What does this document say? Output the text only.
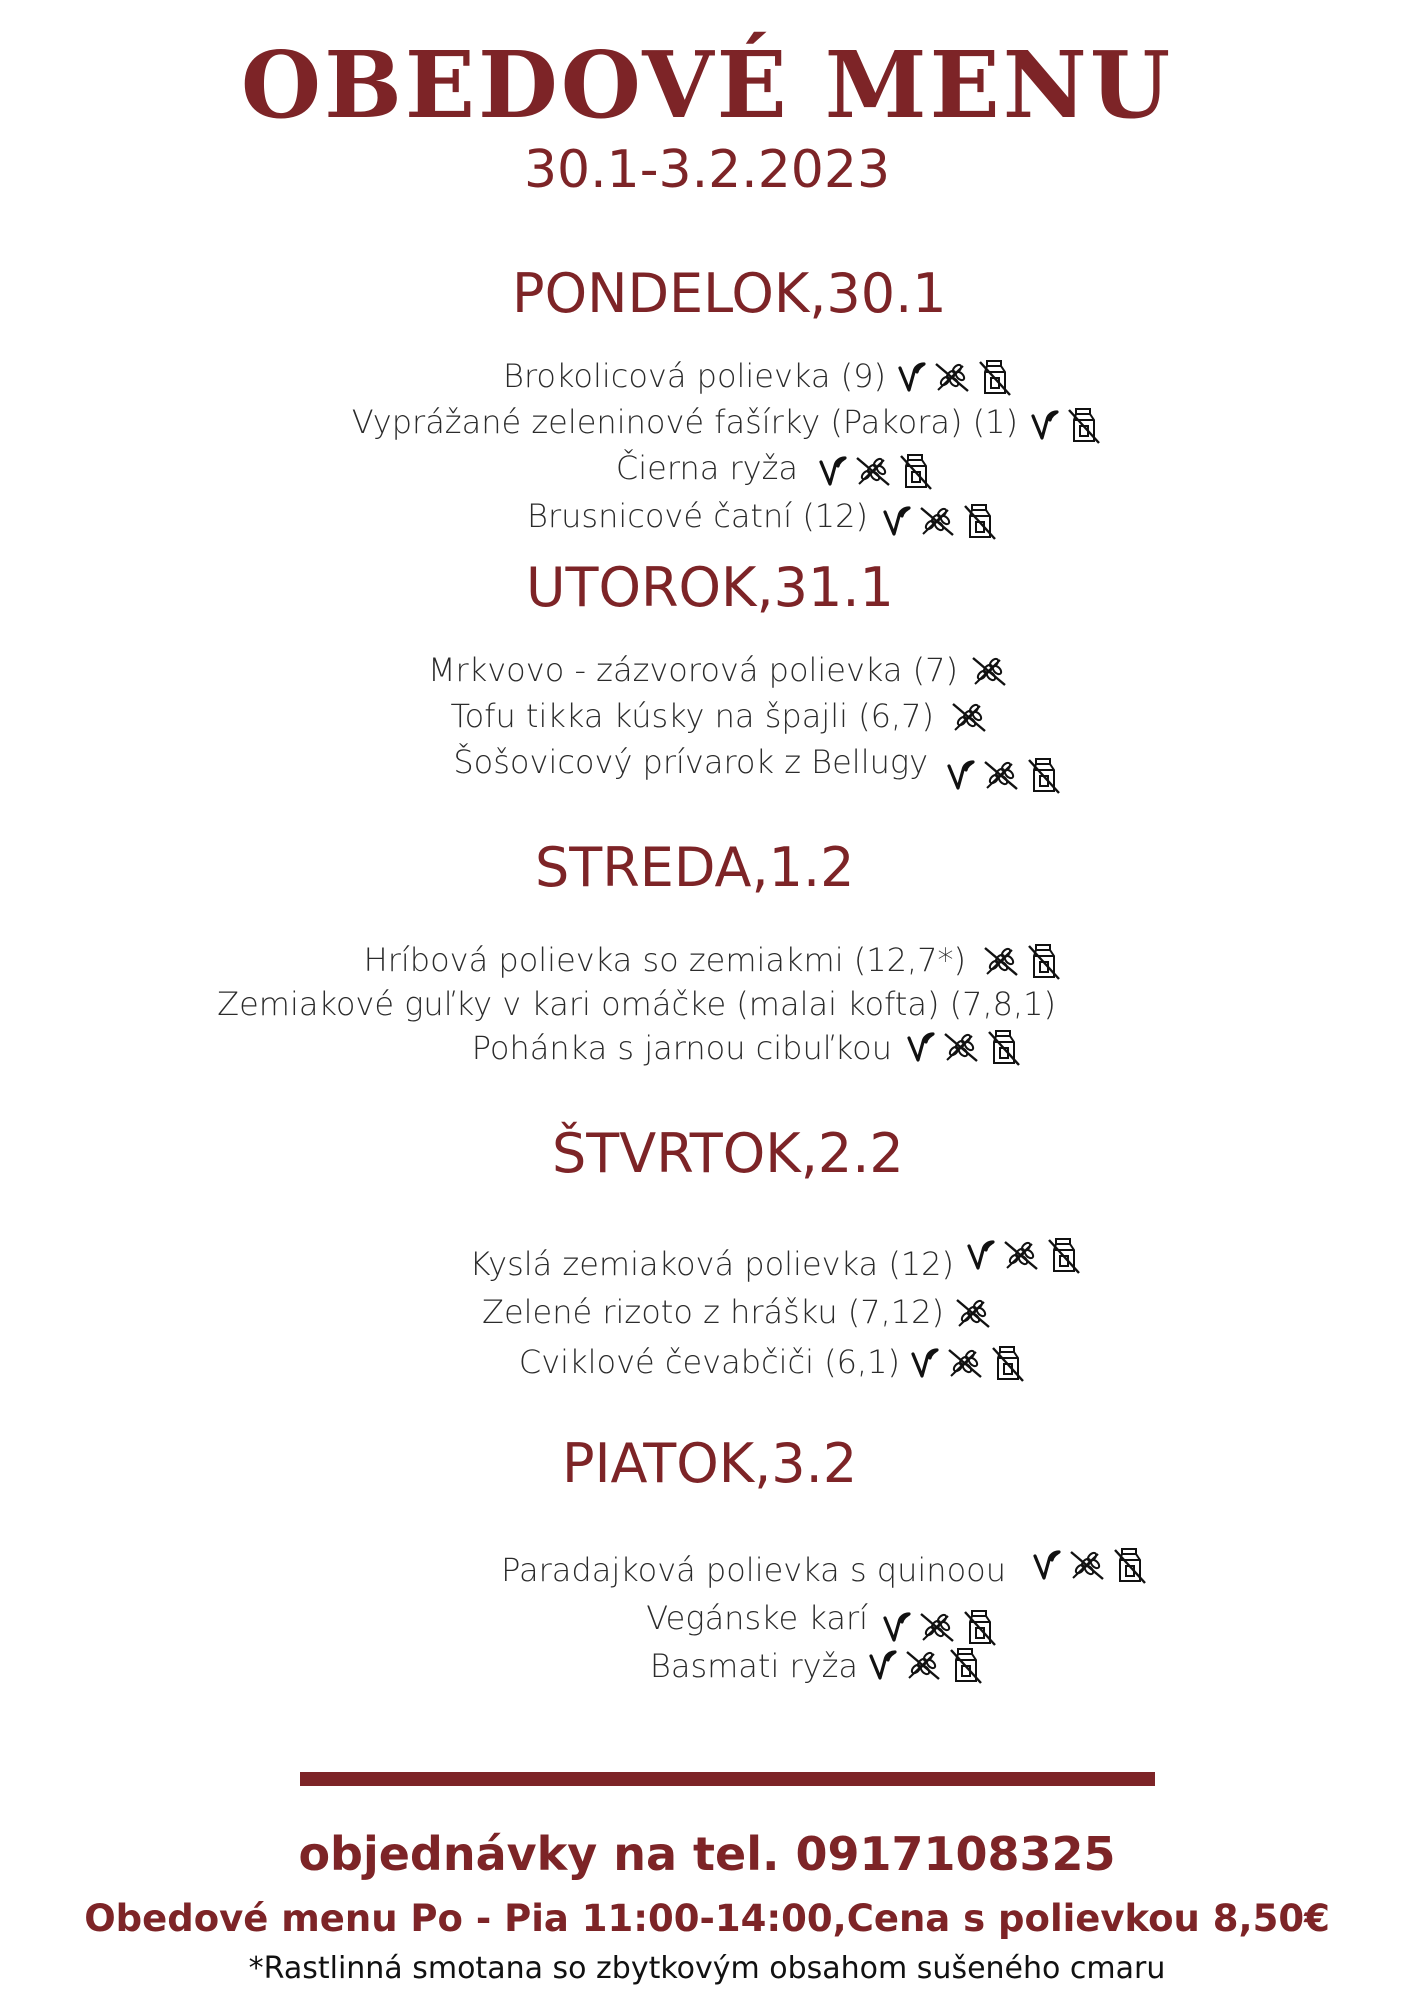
OBEDOVÉ MENU
30.1-3.2.2023
PONDELOK,30.1
Brokolicová polievka (9)
Vyprážané zeleninové fašírky (Pakora) (1)
Čierna ryža
Brusnicové čatní (12)
UTOROK,31.1
Mrkvovo - zázvorová polievka (7)
Tofu tikka kúsky na špajli (6,7)
Šošovicový prívarok z Bellugy
STREDA,1.2
Hríbová polievka so zemiakmi (12,7*)
Zemiakové guľky v kari omáčke (malai kofta) (7,8,1)
Pohánka s jarnou cibuľkou
ŠTVRTOK,2.2
Kyslá zemiaková polievka (12)
Zelené rizoto z hrášku (7,12)
Cviklové čevabčiči (6,1)
PIATOK,3.2
Paradajková polievka s quinoou
Vegánske karí
Basmati ryža
objednávky na tel. 0917108325
Obedové menu Po - Pia 11:00-14:00,Cena s polievkou 8,50€
*Rastlinná smotana so zbytkovým obsahom sušeného cmaru
